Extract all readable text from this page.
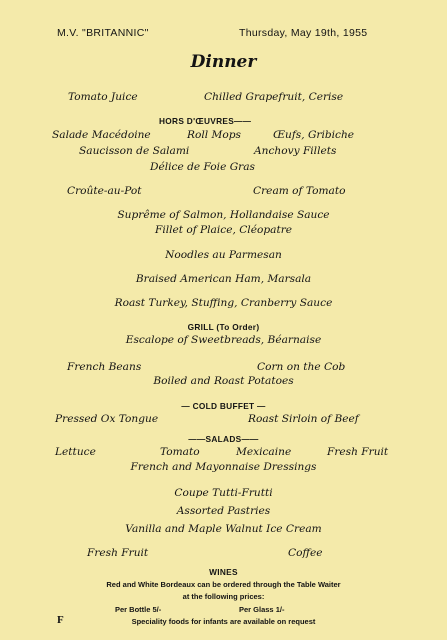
M.V. "BRITANNIC"	Thursday, May 19th, 1955
Dinner
Tomato Juice	Chilled Grapefruit, Cerise
HORS D'ŒUVRES——
Salade Macédoine	Roll Mops	Œufs, Gribiche
Saucisson de Salami	Anchovy Fillets
Délice de Foie Gras
Croûte-au-Pot	Cream of Tomato
Suprême of Salmon, Hollandaise Sauce
Fillet of Plaice, Cléopatre
Noodles au Parmesan
Braised American Ham, Marsala
Roast Turkey, Stuffing, Cranberry Sauce
GRILL (To Order)
Escalope of Sweetbreads, Béarnaise
French Beans	Corn on the Cob
Boiled and Roast Potatoes
— COLD BUFFET —
Pressed Ox Tongue	Roast Sirloin of Beef
——SALADS——
Lettuce	Tomato	Mexicaine	Fresh Fruit
French and Mayonnaise Dressings
Coupe Tutti-Frutti
Assorted Pastries
Vanilla and Maple Walnut Ice Cream
Fresh Fruit	Coffee
WINES
Red and White Bordeaux can be ordered through the Table Waiter
at the following prices:
Per Bottle 5/-	Per Glass 1/-
F	Speciality foods for infants are available on request
